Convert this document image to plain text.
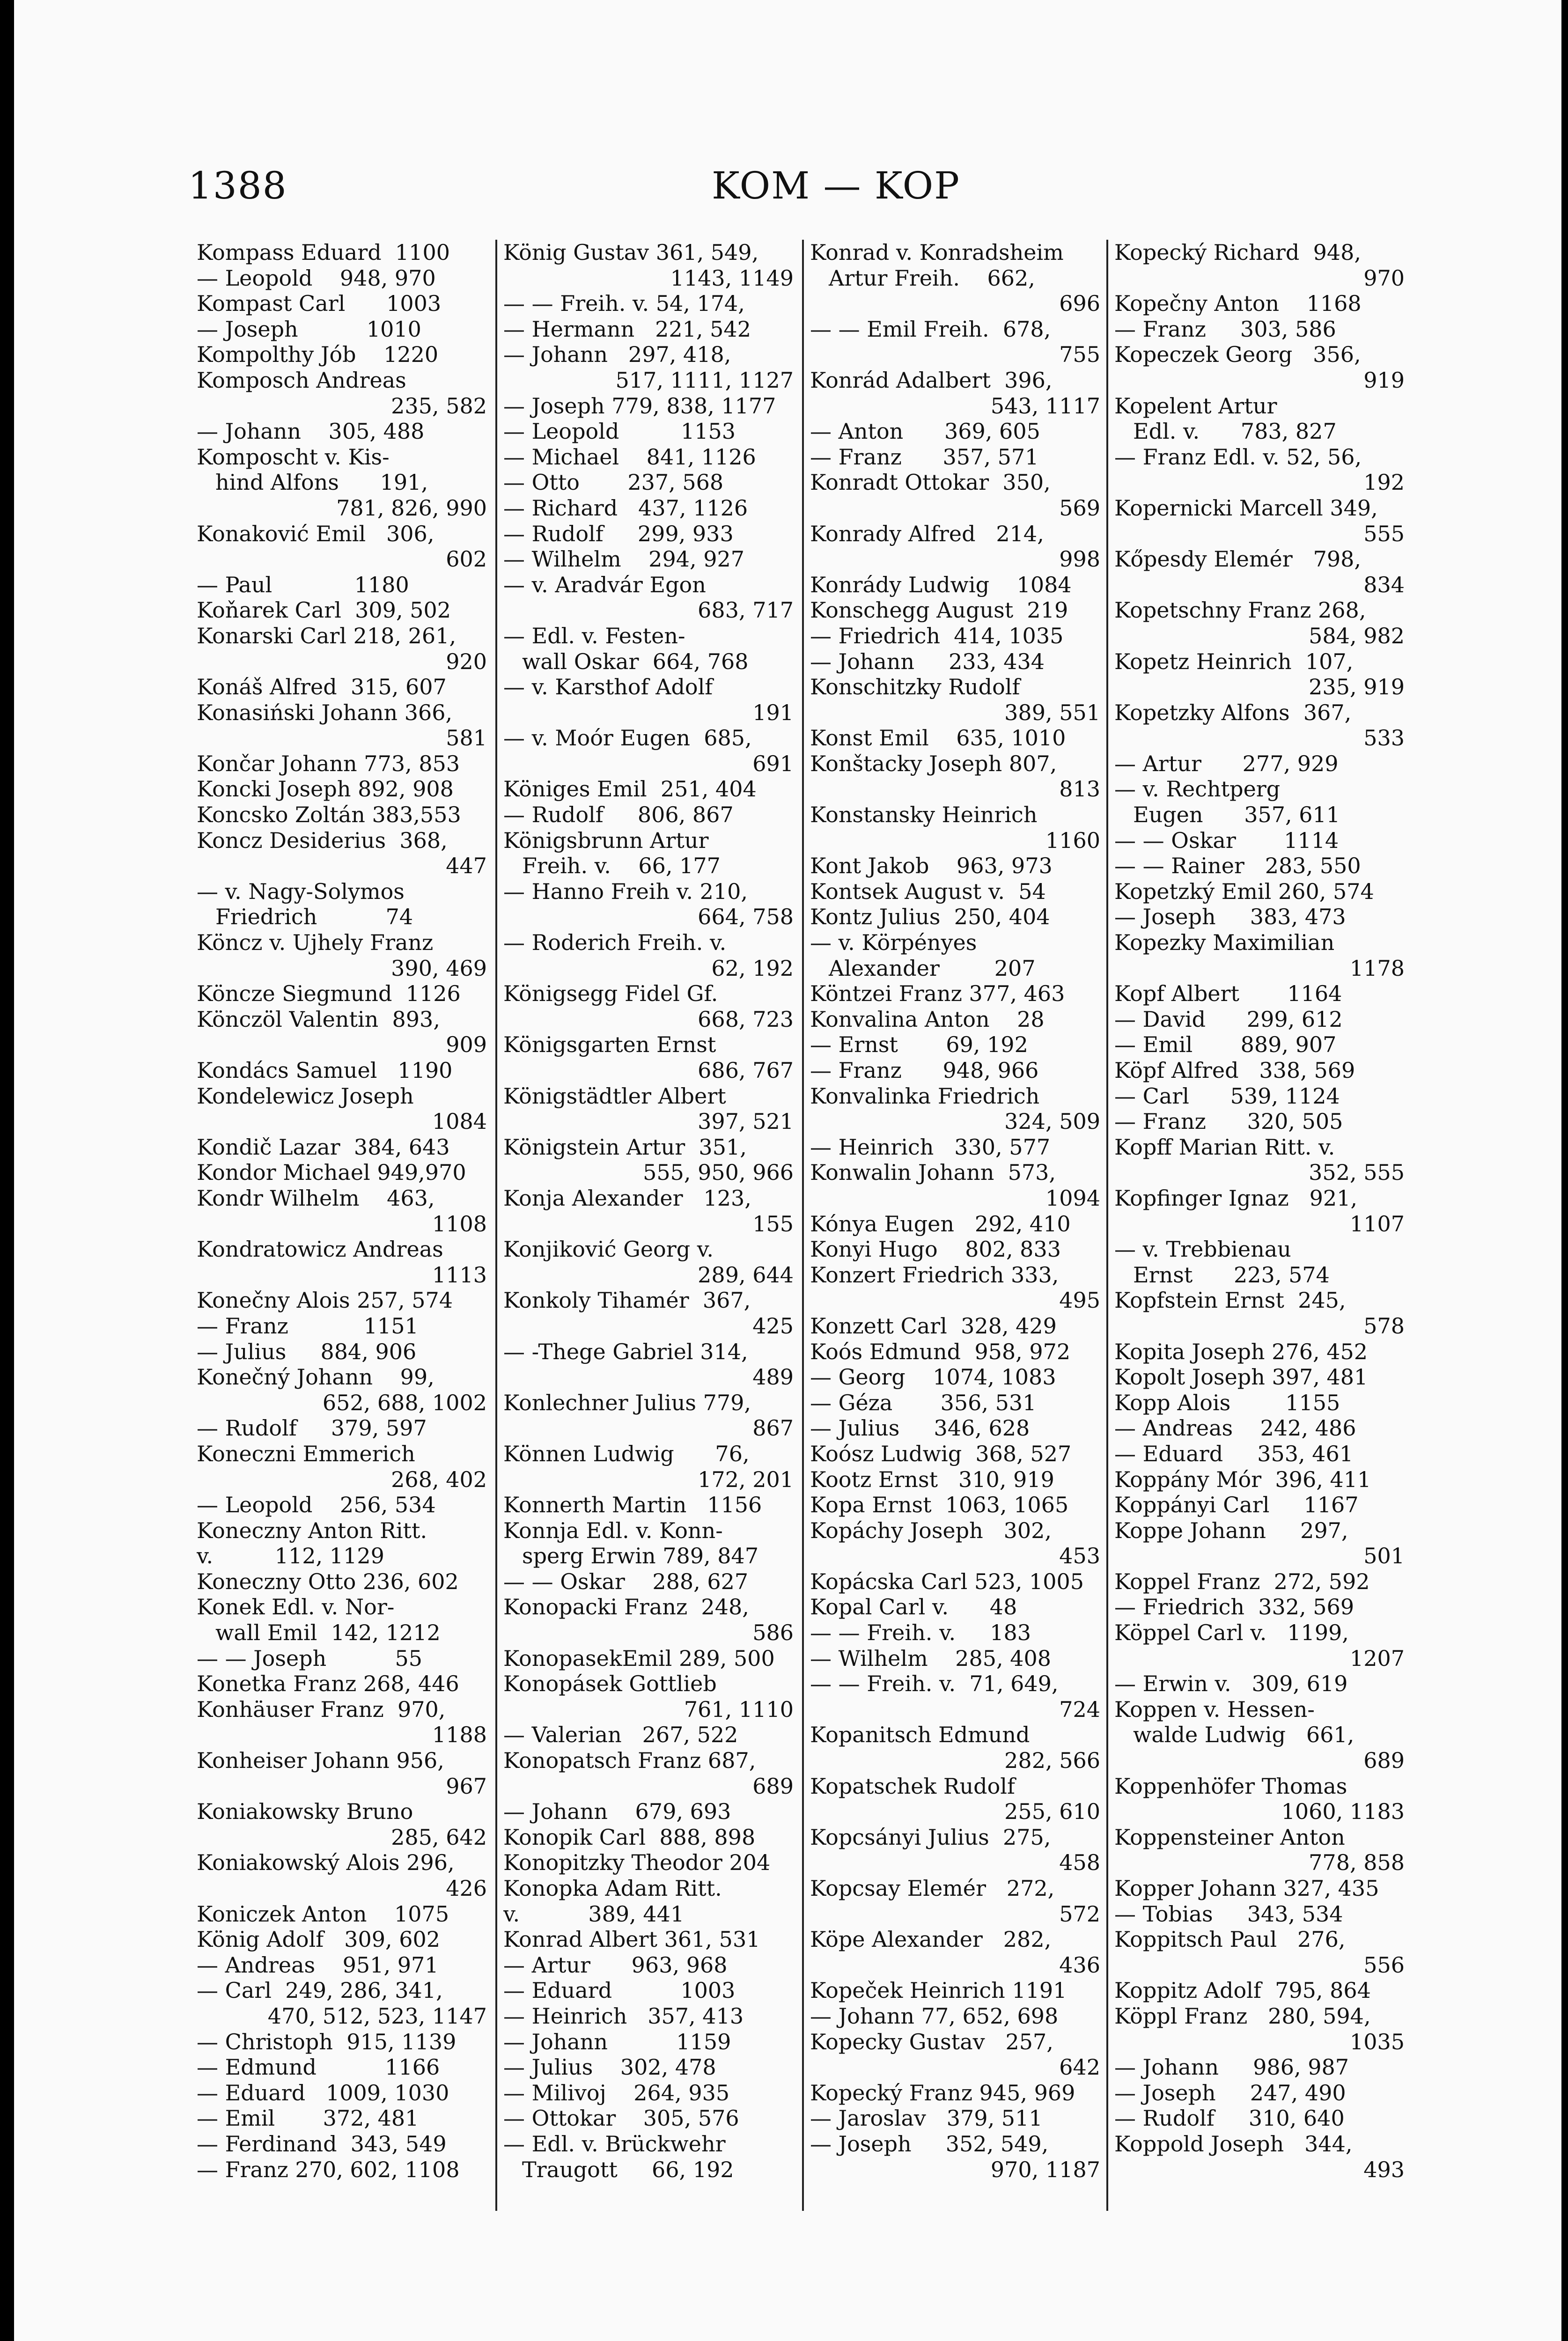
1388	KOM — KOP
Kompass Eduard  1100
— Leopold    948, 970
Kompast Carl      1003
— Joseph          1010
Kompolthy Jób    1220
Komposch Andreas
235, 582
— Johann    305, 488
Komposcht v. Kis-
hind Alfons      191,
781, 826, 990
Konaković Emil   306,
602
— Paul            1180
Koňarek Carl  309, 502
Konarski Carl 218, 261,
920
Konáš Alfred  315, 607
Konasiński Johann 366,
581
Končar Johann 773, 853
Koncki Joseph 892, 908
Koncsko Zoltán 383,553
Koncz Desiderius  368,
447
— v. Nagy-Solymos
Friedrich          74
Köncz v. Ujhely Franz
390, 469
Köncze Siegmund  1126
Könczöl Valentin  893,
909
Kondács Samuel   1190
Kondelewicz Joseph
1084
Kondič Lazar  384, 643
Kondor Michael 949,970
Kondr Wilhelm    463,
1108
Kondratowicz Andreas
1113
Konečny Alois 257, 574
— Franz           1151
— Julius     884, 906
Konečný Johann    99,
652, 688, 1002
— Rudolf     379, 597
Koneczni Emmerich
268, 402
— Leopold    256, 534
Koneczny Anton Ritt.
v.         112, 1129
Koneczny Otto 236, 602
Konek Edl. v. Nor-
wall Emil  142, 1212
— — Joseph          55
Konetka Franz 268, 446
Konhäuser Franz  970,
1188
Konheiser Johann 956,
967
Koniakowsky Bruno
285, 642
Koniakowský Alois 296,
426
Koniczek Anton    1075
König Adolf   309, 602
— Andreas    951, 971
— Carl  249, 286, 341,
470, 512, 523, 1147
— Christoph  915, 1139
— Edmund          1166
— Eduard   1009, 1030
— Emil       372, 481
— Ferdinand  343, 549
— Franz 270, 602, 1108
König Gustav 361, 549,
1143, 1149
— — Freih. v. 54, 174,
— Hermann   221, 542
— Johann   297, 418,
517, 1111, 1127
— Joseph 779, 838, 1177
— Leopold         1153
— Michael    841, 1126
— Otto       237, 568
— Richard   437, 1126
— Rudolf     299, 933
— Wilhelm    294, 927
— v. Aradvár Egon
683, 717
— Edl. v. Festen-
wall Oskar  664, 768
— v. Karsthof Adolf
191
— v. Moór Eugen  685,
691
Königes Emil  251, 404
— Rudolf     806, 867
Königsbrunn Artur
Freih. v.    66, 177
— Hanno Freih v. 210,
664, 758
— Roderich Freih. v.
62, 192
Königsegg Fidel Gf.
668, 723
Königsgarten Ernst
686, 767
Königstädtler Albert
397, 521
Königstein Artur  351,
555, 950, 966
Konja Alexander   123,
155
Konjiković Georg v.
289, 644
Konkoly Tihamér  367,
425
— -Thege Gabriel 314,
489
Konlechner Julius 779,
867
Können Ludwig      76,
172, 201
Konnerth Martin   1156
Konnja Edl. v. Konn-
sperg Erwin 789, 847
— — Oskar    288, 627
Konopacki Franz  248,
586
KonopasekEmil 289, 500
Konopásek Gottlieb
761, 1110
— Valerian   267, 522
Konopatsch Franz 687,
689
— Johann    679, 693
Konopik Carl  888, 898
Konopitzky Theodor 204
Konopka Adam Ritt.
v.          389, 441
Konrad Albert 361, 531
— Artur      963, 968
— Eduard          1003
— Heinrich   357, 413
— Johann          1159
— Julius    302, 478
— Milivoj    264, 935
— Ottokar    305, 576
— Edl. v. Brückwehr
Traugott     66, 192
Konrad v. Konradsheim
Artur Freih.    662,
696
— — Emil Freih.  678,
755
Konrád Adalbert  396,
543, 1117
— Anton      369, 605
— Franz      357, 571
Konradt Ottokar  350,
569
Konrady Alfred   214,
998
Konrády Ludwig    1084
Konschegg August  219
— Friedrich  414, 1035
— Johann     233, 434
Konschitzky Rudolf
389, 551
Konst Emil    635, 1010
Konštacky Joseph 807,
813
Konstansky Heinrich
1160
Kont Jakob    963, 973
Kontsek August v.  54
Kontz Julius  250, 404
— v. Körpényes
Alexander        207
Köntzei Franz 377, 463
Konvalina Anton    28
— Ernst       69, 192
— Franz      948, 966
Konvalinka Friedrich
324, 509
— Heinrich   330, 577
Konwalin Johann  573,
1094
Kónya Eugen   292, 410
Konyi Hugo    802, 833
Konzert Friedrich 333,
495
Konzett Carl  328, 429
Koós Edmund  958, 972
— Georg    1074, 1083
— Géza       356, 531
— Julius     346, 628
Koósz Ludwig  368, 527
Kootz Ernst   310, 919
Kopa Ernst  1063, 1065
Kopáchy Joseph   302,
453
Kopácska Carl 523, 1005
Kopal Carl v.      48
— — Freih. v.     183
— Wilhelm    285, 408
— — Freih. v.  71, 649,
724
Kopanitsch Edmund
282, 566
Kopatschek Rudolf
255, 610
Kopcsányi Julius  275,
458
Kopcsay Elemér   272,
572
Köpe Alexander   282,
436
Kopeček Heinrich 1191
— Johann 77, 652, 698
Kopecky Gustav   257,
642
Kopecký Franz 945, 969
— Jaroslav   379, 511
— Joseph     352, 549,
970, 1187
Kopecký Richard  948,
970
Kopečny Anton    1168
— Franz     303, 586
Kopeczek Georg   356,
919
Kopelent Artur
Edl. v.      783, 827
— Franz Edl. v. 52, 56,
192
Kopernicki Marcell 349,
555
Kőpesdy Elemér   798,
834
Kopetschny Franz 268,
584, 982
Kopetz Heinrich  107,
235, 919
Kopetzky Alfons  367,
533
— Artur      277, 929
— v. Rechtperg
Eugen      357, 611
— — Oskar       1114
— — Rainer   283, 550
Kopetzký Emil 260, 574
— Joseph     383, 473
Kopezky Maximilian
1178
Kopf Albert       1164
— David      299, 612
— Emil       889, 907
Köpf Alfred   338, 569
— Carl      539, 1124
— Franz      320, 505
Kopff Marian Ritt. v.
352, 555
Kopfinger Ignaz   921,
1107
— v. Trebbienau
Ernst      223, 574
Kopfstein Ernst  245,
578
Kopita Joseph 276, 452
Kopolt Joseph 397, 481
Kopp Alois        1155
— Andreas    242, 486
— Eduard     353, 461
Koppány Mór  396, 411
Koppányi Carl     1167
Koppe Johann     297,
501
Koppel Franz  272, 592
— Friedrich  332, 569
Köppel Carl v.   1199,
1207
— Erwin v.   309, 619
Koppen v. Hessen-
walde Ludwig   661,
689
Koppenhöfer Thomas
1060, 1183
Koppensteiner Anton
778, 858
Kopper Johann 327, 435
— Tobias     343, 534
Koppitsch Paul   276,
556
Koppitz Adolf  795, 864
Köppl Franz   280, 594,
1035
— Johann     986, 987
— Joseph     247, 490
— Rudolf     310, 640
Koppold Joseph   344,
493
